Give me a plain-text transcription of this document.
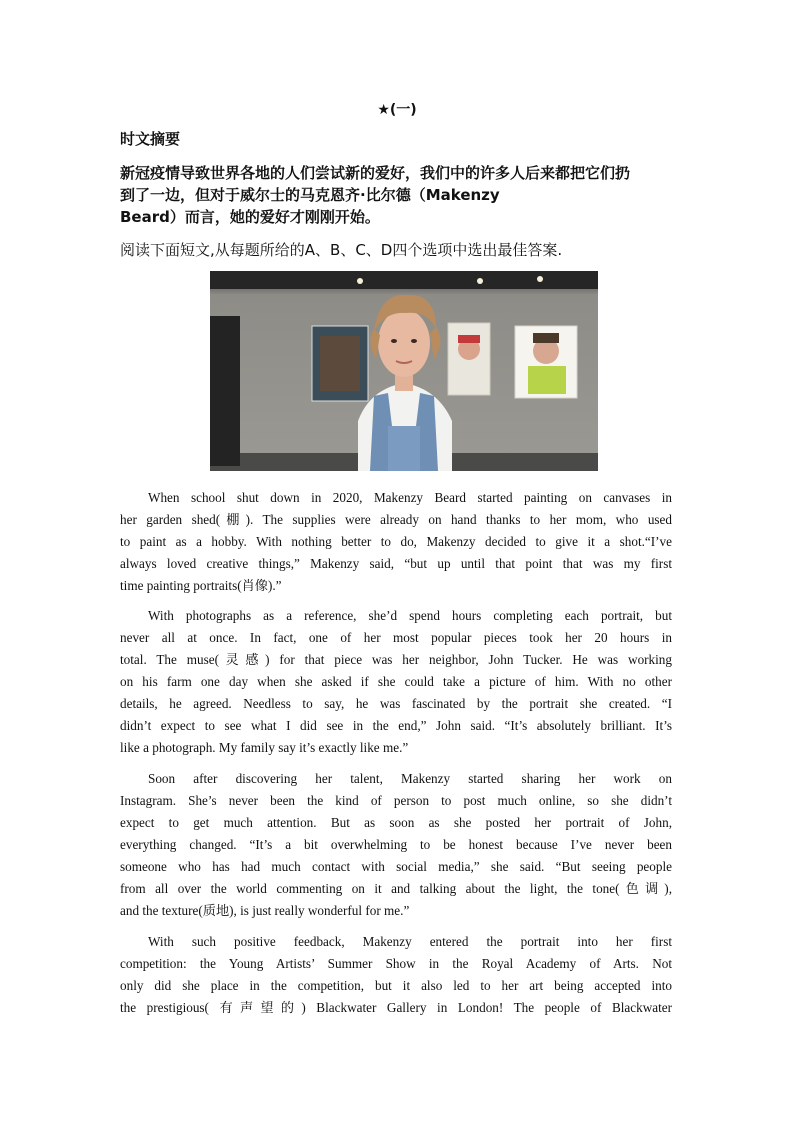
★(一)
时文摘要
新冠疫情导致世界各地的人们尝试新的爱好，我们中的许多人后来都把它们扔
到了一边，但对于威尔士的马克恩齐·比尔德（Makenzy
Beard）而言，她的爱好才刚刚开始。
阅读下面短文,从每题所给的A、B、C、D四个选项中选出最佳答案.

When school shut down in 2020, Makenzy Beard started painting on canvases in
her garden shed(棚). The supplies were already on hand thanks to her mom, who used
to paint as a hobby. With nothing better to do, Makenzy decided to give it a shot.“I’ve
always loved creative things,” Makenzy said, “but up until that point that was my first
time painting portraits(肖像).”

With photographs as a reference, she’d spend hours completing each portrait, but
never all at once. In fact, one of her most popular pieces took her 20 hours in
total. The muse(灵感) for that piece was her neighbor, John Tucker. He was working
on his farm one day when she asked if she could take a picture of him. With no other
details, he agreed. Needless to say, he was fascinated by the portrait she created. “I
didn’t expect to see what I did see in the end,” John said. “It’s absolutely brilliant. It’s
like a photograph. My family say it’s exactly like me.”

Soon after discovering her talent, Makenzy started sharing her work on
Instagram. She’s never been the kind of person to post much online, so she didn’t
expect to get much attention. But as soon as she posted her portrait of John,
everything changed. “It’s a bit overwhelming to be honest because I’ve never been
someone who has had much contact with social media,” she said. “But seeing people
from all over the world commenting on it and talking about the light, the tone(色调),
and the texture(质地), is just really wonderful for me.”

With such positive feedback, Makenzy entered the portrait into her first
competition: the Young Artists’ Summer Show in the Royal Academy of Arts. Not
only did she place in the competition, but it also led to her art being accepted into
the prestigious( 有声望的) Blackwater Gallery in London! The people of Blackwater
